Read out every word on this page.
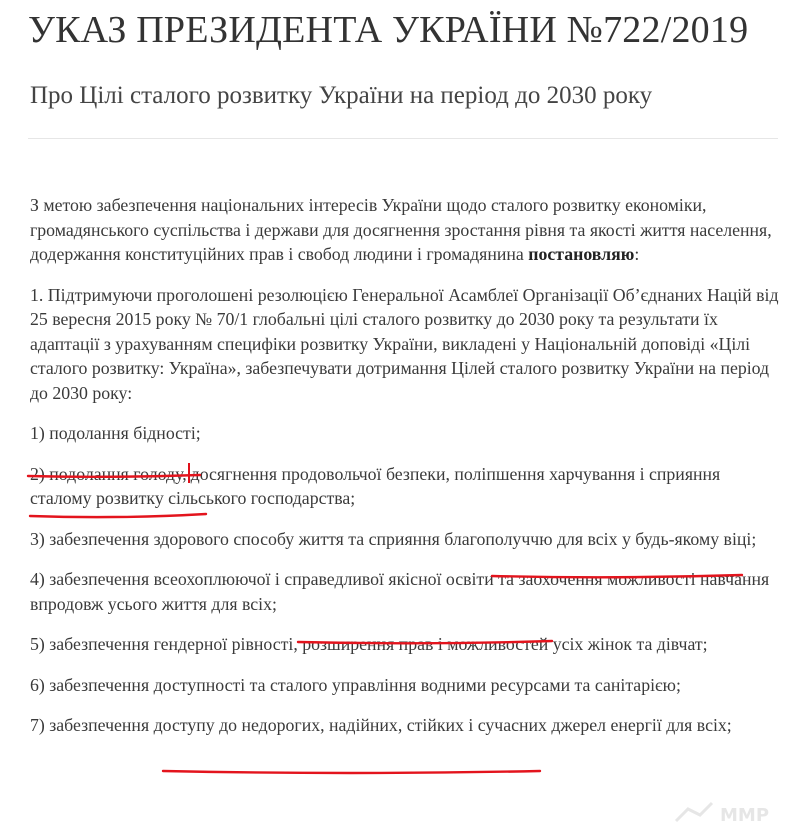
УКАЗ ПРЕЗИДЕНТА УКРАЇНИ №722/2019
Про Цілі сталого розвитку України на період до 2030 року

З метою забезпечення національних інтересів України щодо сталого розвитку економіки, громадянського суспільства і держави для досягнення зростання рівня та якості життя населення, додержання конституційних прав і свобод людини і громадянина постановляю:

1. Підтримуючи проголошені резолюцією Генеральної Асамблеї Організації Об’єднаних Націй від 25 вересня 2015 року № 70/1 глобальні цілі сталого розвитку до 2030 року та результати їх адаптації з урахуванням специфіки розвитку України, викладені у Національній доповіді «Цілі сталого розвитку: Україна», забезпечувати дотримання Цілей сталого розвитку України на період до 2030 року:

1) подолання бідності;

2) подолання голоду, досягнення продовольчої безпеки, поліпшення харчування і сприяння сталому розвитку сільського господарства;

3) забезпечення здорового способу життя та сприяння благополуччю для всіх у будь-якому віці;

4) забезпечення всеохоплюючої і справедливої якісної освіти та заохочення можливості навчання впродовж усього життя для всіх;

5) забезпечення гендерної рівності, розширення прав і можливостей усіх жінок та дівчат;

6) забезпечення доступності та сталого управління водними ресурсами та санітарією;

7) забезпечення доступу до недорогих, надійних, стійких і сучасних джерел енергії для всіх;

MMP
